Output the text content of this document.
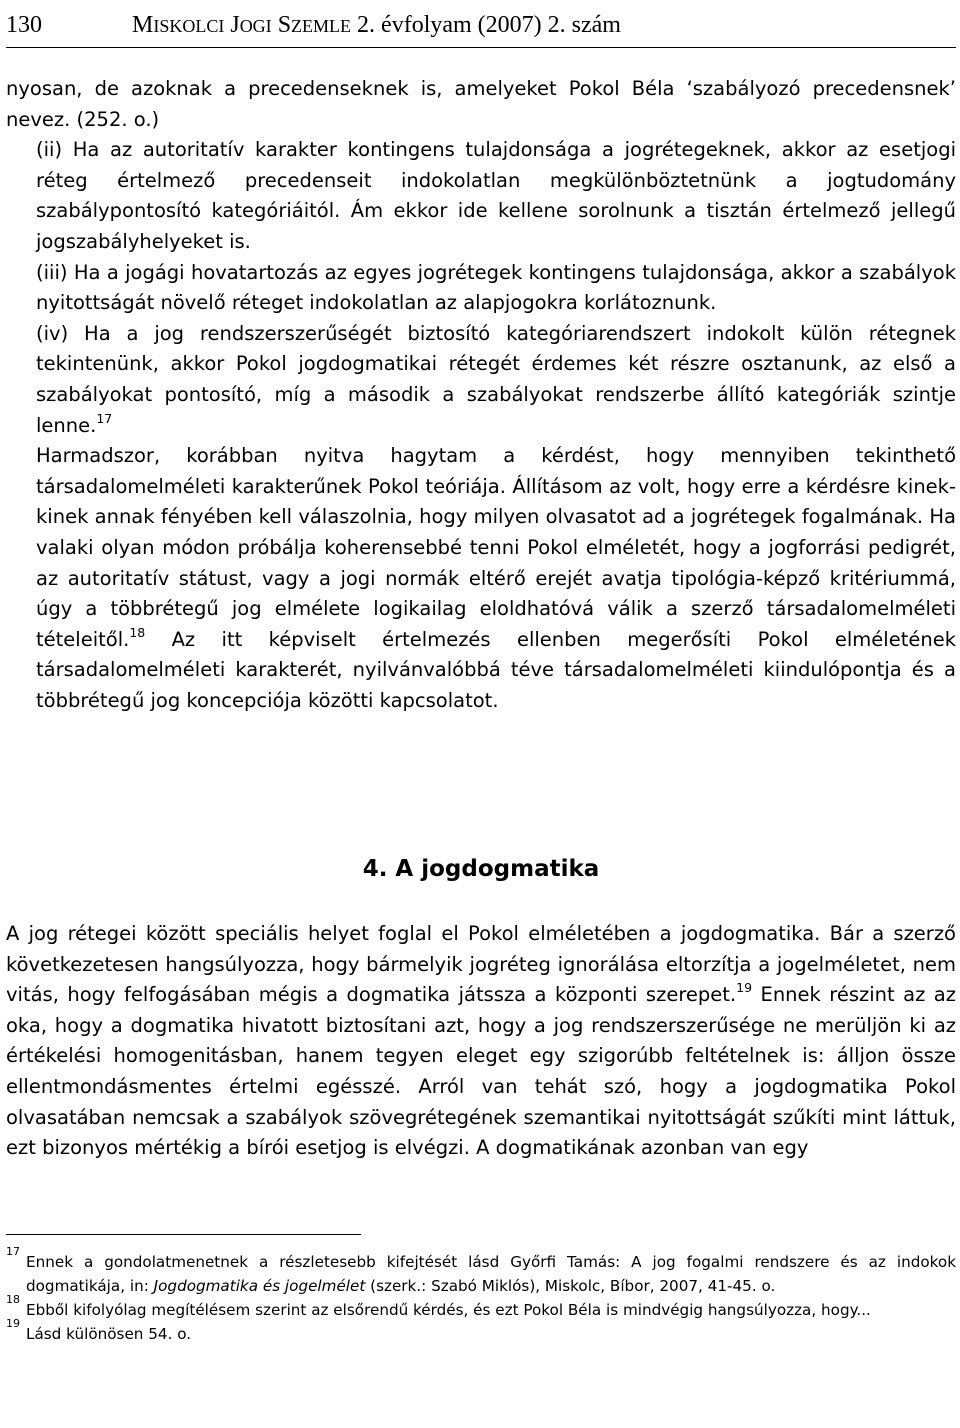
130	MISKOLCI JOGI SZEMLE 2. évfolyam (2007) 2. szám

nyosan, de azoknak a precedenseknek is, amelyeket Pokol Béla ‘szabályozó precedensnek’ nevez. (252. o.)

(ii) Ha az autoritatív karakter kontingens tulajdonsága a jogrétegeknek, akkor az esetjogi réteg értelmező precedenseit indokolatlan megkülönböztetnünk a jogtudomány szabálypontosító kategóriáitól. Ám ekkor ide kellene sorolnunk a tisztán értelmező jellegű jogszabályhelyeket is.

(iii) Ha a jogági hovatartozás az egyes jogrétegek kontingens tulajdonsága, akkor a szabályok nyitottságát növelő réteget indokolatlan az alapjogokra korlátoznunk.

(iv) Ha a jog rendszerszerűségét biztosító kategóriarendszert indokolt külön rétegnek tekintenünk, akkor Pokol jogdogmatikai rétegét érdemes két részre osztanunk, az első a szabályokat pontosító, míg a második a szabályokat rendszerbe állító kategóriák szintje lenne.$^{17}$

Harmadszor, korábban nyitva hagytam a kérdést, hogy mennyiben tekinthető társadalomelméleti karakterűnek Pokol teóriája. Állításom az volt, hogy erre a kérdésre kinek-kinek annak fényében kell válaszolnia, hogy milyen olvasatot ad a jogrétegek fogalmának. Ha valaki olyan módon próbálja koherensebbé tenni Pokol elméletét, hogy a jogforrási pedigrét, az autoritatív státust, vagy a jogi normák eltérő erejét avatja tipológia-képző kritériummá, úgy a többrétegű jog elmélete logikailag eloldhatóvá válik a szerző társadalomelméleti tételeitől.$^{18}$ Az itt képviselt értelmezés ellenben megerősíti Pokol elméletének társadalomelméleti karakterét, nyilvánvalóbbá téve társadalomelméleti kiindulópontja és a többrétegű jog koncepciója közötti kapcsolatot.

4. A jogdogmatika

A jog rétegei között speciális helyet foglal el Pokol elméletében a jogdogmatika. Bár a szerző következetesen hangsúlyozza, hogy bármelyik jogréteg ignorálása eltorzítja a jogelméletet, nem vitás, hogy felfogásában mégis a dogmatika játssza a központi szerepet.$^{19}$ Ennek részint az az oka, hogy a dogmatika hivatott biztosítani azt, hogy a jog rendszerszerűsége ne merüljön ki az értékelési homogenitásban, hanem tegyen eleget egy szigorúbb feltételnek is: álljon össze ellentmondásmentes értelmi egésszé. Arról van tehát szó, hogy a jogdogmatika Pokol olvasatában nemcsak a szabályok szövegrétegének szemantikai nyitottságát szűkíti mint láttuk, ezt bizonyos mértékig a bírói esetjog is elvégzi. A dogmatikának azonban van egy

17
Ennek a gondolatmenetnek a részletesebb kifejtését lásd Győrfi Tamás: A jog fogalmi rendszere és az indokok dogmatikája, in: Jogdogmatika és jogelmélet (szerk.: Szabó Miklós), Miskolc, Bíbor, 2007, 41-45. o.
18
Ebből kifolyólag megítélésem szerint az elsőrendű kérdés, és ezt Pokol Béla is mindvégig hangsúlyozza, hogy...
19
Lásd különösen 54. o.
